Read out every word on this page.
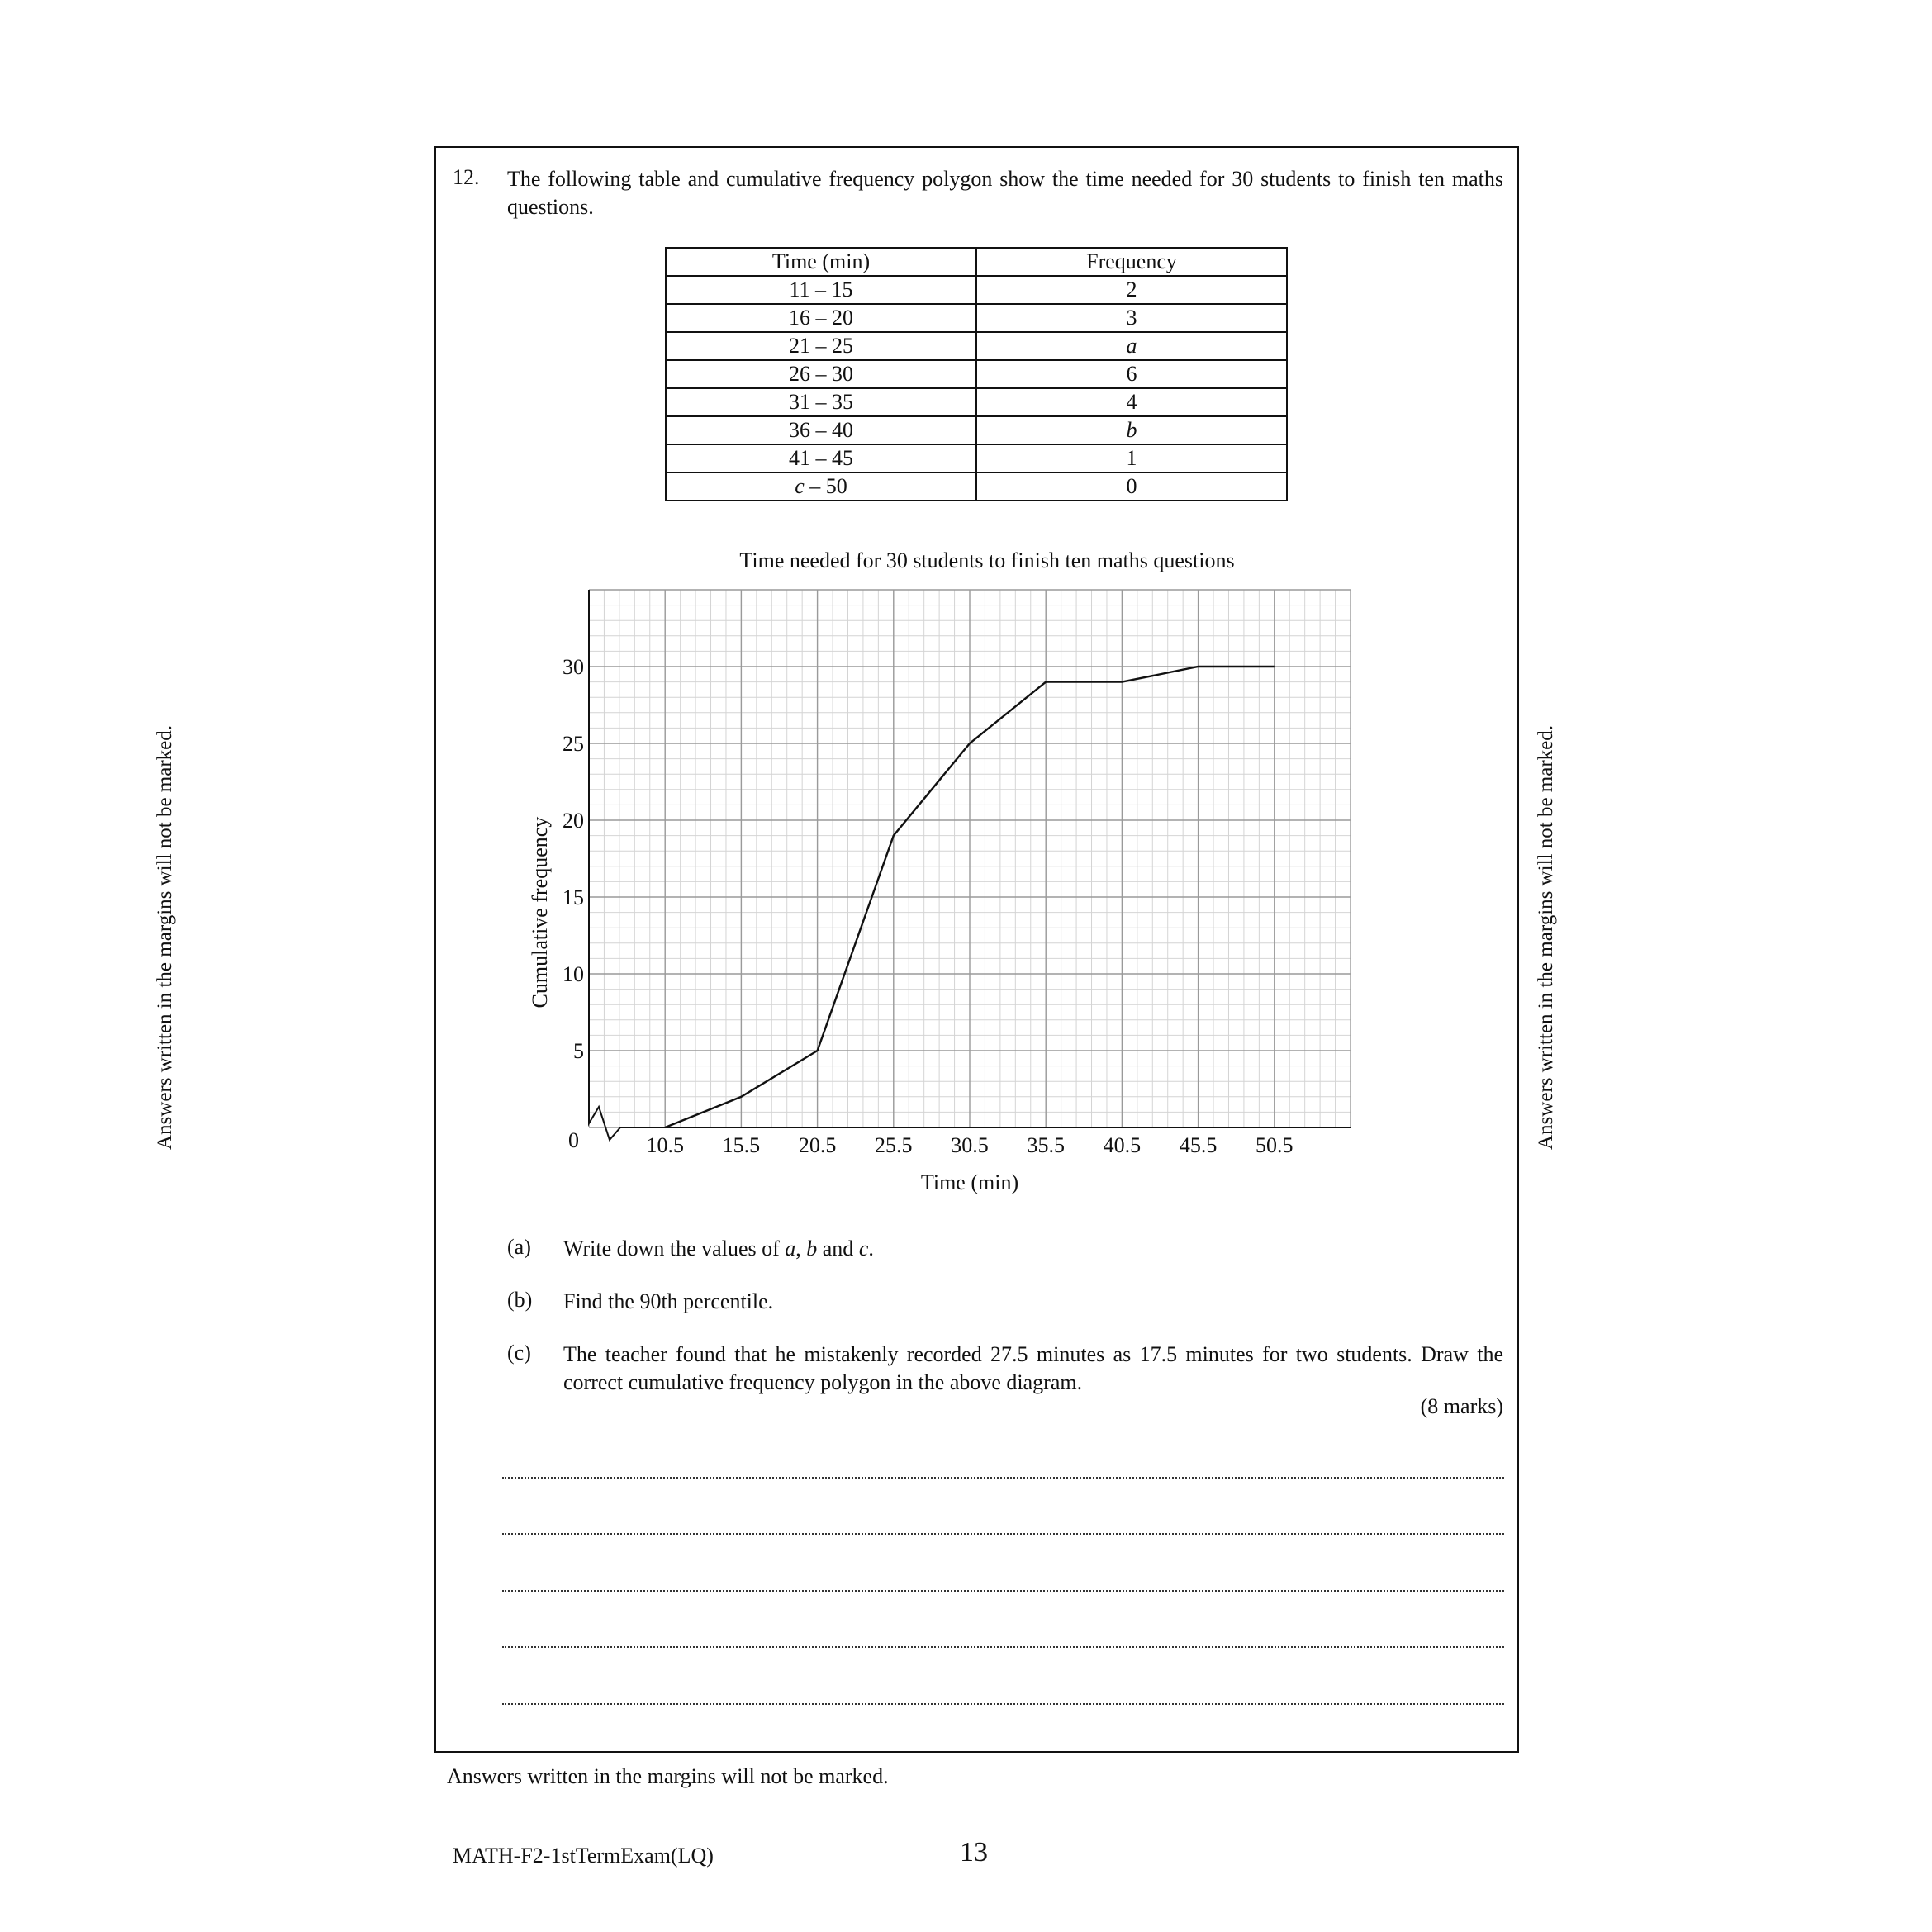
12. The following table and cumulative frequency polygon show the time needed for 30 students to finish ten maths questions.
Time (min)	Frequency
11 – 15	2
16 – 20	3
21 – 25	a
26 – 30	6
31 – 35	4
36 – 40	b
41 – 45	1
c – 50	0
Time needed for 30 students to finish ten maths questions
10.5 15.5 20.5 25.5 30.5 35.5 40.5 45.5 50.5
0
5
10
15
20
25
30
Time (min)
Cumulative frequency
(a) Write down the values of a, b and c.
(b) Find the 90th percentile.
(c) The teacher found that he mistakenly recorded 27.5 minutes as 17.5 minutes for two students. Draw the correct cumulative frequency polygon in the above diagram.
(8 marks)
Answers written in the margins will not be marked.	Answers written in the margins will not be marked.
Answers written in the margins will not be marked.
MATH-F2-1stTermExam(LQ)	13
